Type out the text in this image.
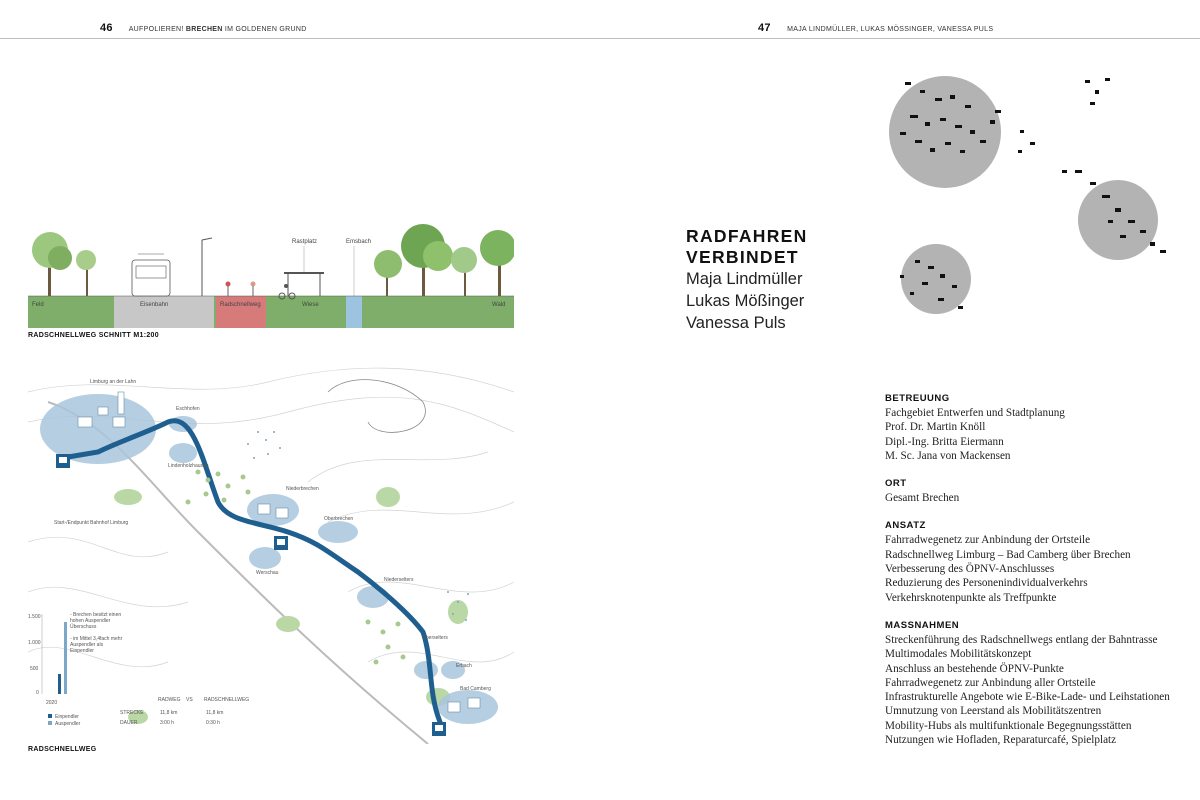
46 AUFPOLIEREN! BRECHEN IM GOLDENEN GRUND	47 MAJA LINDMÜLLER, LUKAS MÖSSINGER, VANESSA PULS
Feld	Eisenbahn	Radschnellweg	Wiese
Rastplatz	Emsbach
Wald
RADSCHNELLWEG SCHNITT M1:200
Limburg an der Lahn
Eschhofen
Lindenholzhausen
Niederbrechen
Oberbrechen
Werschau
Niederselters
Oberselters
Erbach
Bad Camberg
Start-/Endpunkt Bahnhof Limburg
1.500
1.000
500
0
2020
Einpendler
Auspendler
- Brechen besitzt einen hohen Auspendler Überschuss
- im Mittel 3,4fach mehr Auspendler als Einpendler
RADWEG VS RADSCHNELLWEG
STRECKE	11,8 km	11,8 km
DAUER	3:00 h	0:30 h
RADSCHNELLWEG
RADFAHREN
VERBINDET
Maja Lindmüller
Lukas Mößinger
Vanessa Puls
BETREUUNG
Fachgebiet Entwerfen und Stadtplanung
Prof. Dr. Martin Knöll
Dipl.-Ing. Britta Eiermann
M. Sc. Jana von Mackensen
ORT
Gesamt Brechen
ANSATZ
Fahrradwegenetz zur Anbindung der Ortsteile
Radschnellweg Limburg – Bad Camberg über Brechen
Verbesserung des ÖPNV-Anschlusses
Reduzierung des Personenindividualverkehrs
Verkehrsknotenpunkte als Treffpunkte
MASSNAHMEN
Streckenführung des Radschnellwegs entlang der Bahntrasse
Multimodales Mobilitätskonzept
Anschluss an bestehende ÖPNV-Punkte
Fahrradwegenetz zur Anbindung aller Ortsteile
Infrastrukturelle Angebote wie E-Bike-Lade- und Leihstationen
Umnutzung von Leerstand als Mobilitätszentren
Mobility-Hubs als multifunktionale Begegnungsstätten
Nutzungen wie Hofladen, Reparaturcafé, Spielplatz
